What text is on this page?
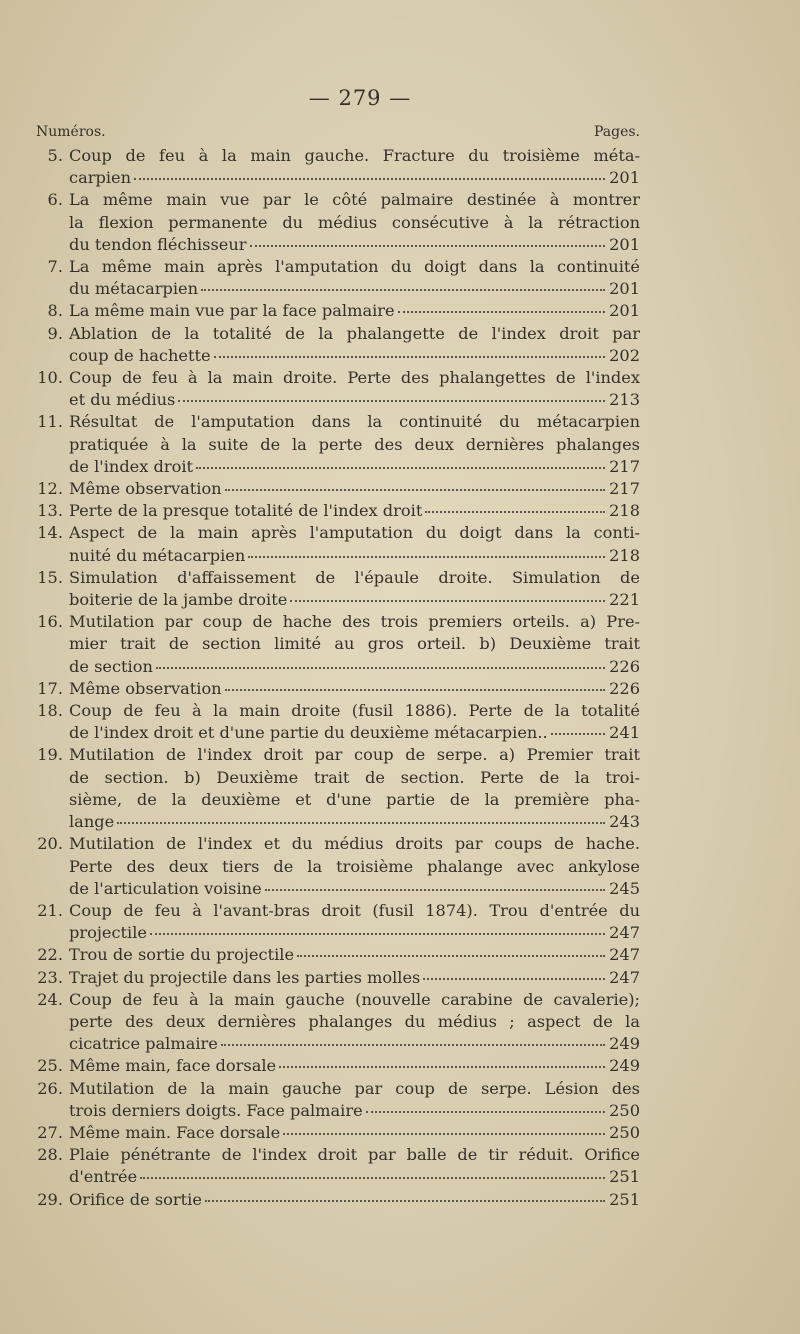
— 279 —
Numéros.	Pages.
5. Coup de feu à la main gauche. Fracture du troisième méta-
carpien	201
6. La même main vue par le côté palmaire destinée à montrer
la flexion permanente du médius consécutive à la rétraction
du tendon fléchisseur	201
7. La même main après l'amputation du doigt dans la continuité
du métacarpien	201
8. La même main vue par la face palmaire	201
9. Ablation de la totalité de la phalangette de l'index droit par
coup de hachette	202
10. Coup de feu à la main droite. Perte des phalangettes de l'index
et du médius	213
11. Résultat de l'amputation dans la continuité du métacarpien
pratiquée à la suite de la perte des deux dernières phalanges
de l'index droit	217
12. Même observation	217
13. Perte de la presque totalité de l'index droit	218
14. Aspect de la main après l'amputation du doigt dans la conti-
nuité du métacarpien	218
15. Simulation d'affaissement de l'épaule droite. Simulation de
boiterie de la jambe droite	221
16. Mutilation par coup de hache des trois premiers orteils. a) Pre-
mier trait de section limité au gros orteil. b) Deuxième trait
de section	226
17. Même observation	226
18. Coup de feu à la main droite (fusil 1886). Perte de la totalité
de l'index droit et d'une partie du deuxième métacarpien..	241
19. Mutilation de l'index droit par coup de serpe. a) Premier trait
de section. b) Deuxième trait de section. Perte de la troi-
sième, de la deuxième et d'une partie de la première pha-
lange	243
20. Mutilation de l'index et du médius droits par coups de hache.
Perte des deux tiers de la troisième phalange avec ankylose
de l'articulation voisine	245
21. Coup de feu à l'avant-bras droit (fusil 1874). Trou d'entrée du
projectile	247
22. Trou de sortie du projectile	247
23. Trajet du projectile dans les parties molles	247
24. Coup de feu à la main gauche (nouvelle carabine de cavalerie);
perte des deux dernières phalanges du médius ; aspect de la
cicatrice palmaire	249
25. Même main, face dorsale	249
26. Mutilation de la main gauche par coup de serpe. Lésion des
trois derniers doigts. Face palmaire	250
27. Même main. Face dorsale	250
28. Plaie pénétrante de l'index droit par balle de tir réduit. Orifice
d'entrée	251
29. Orifice de sortie	251
